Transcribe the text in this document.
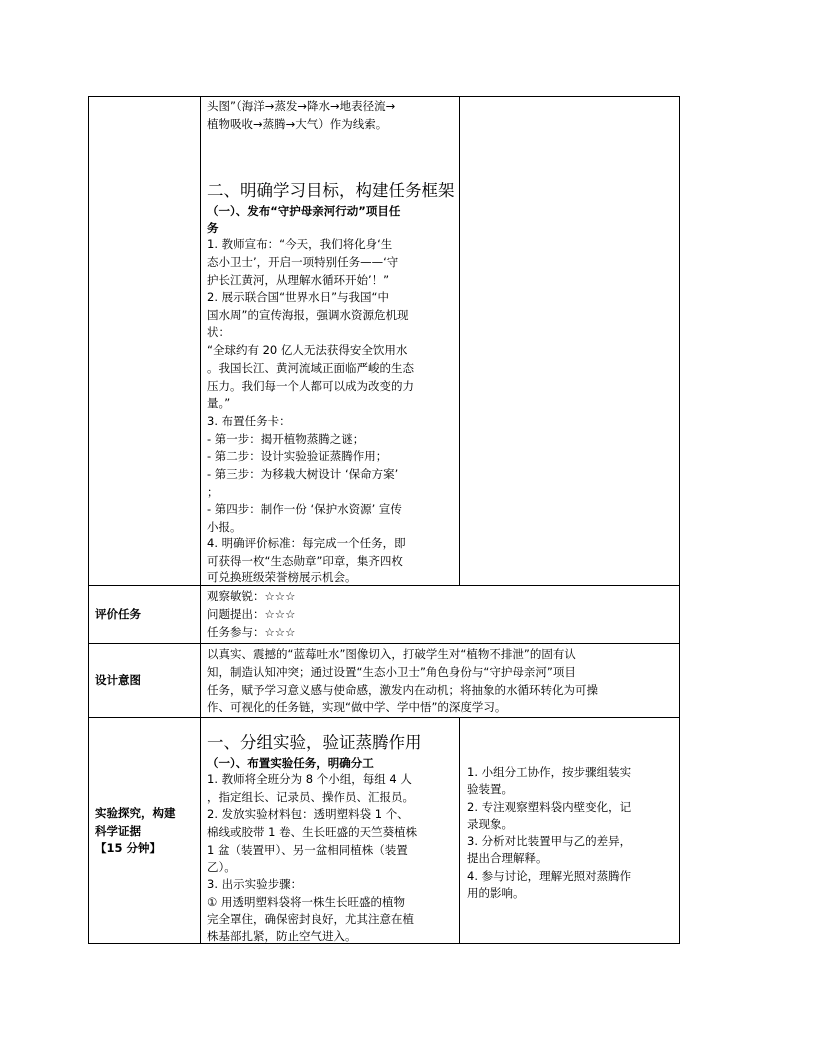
头图”（海洋→蒸发→降水→地表径流→
植物吸收→蒸腾→大气）作为线索。
二、明确学习目标，构建任务框架
（一）、发布“守护母亲河行动”项目任
务
1. 教师宣布：“今天，我们将化身‘生
态小卫士’，开启一项特别任务——‘守
护长江黄河，从理解水循环开始’！”
2. 展示联合国“世界水日”与我国“中
国水周”的宣传海报，强调水资源危机现
状：
“全球约有 20 亿人无法获得安全饮用水
。我国长江、黄河流域正面临严峻的生态
压力。我们每一个人都可以成为改变的力
量。”
3. 布置任务卡：
- 第一步：揭开植物蒸腾之谜；
- 第二步：设计实验验证蒸腾作用；
- 第三步：为移栽大树设计 ‘保命方案’
；
- 第四步：制作一份 ‘保护水资源’ 宣传
小报。
4. 明确评价标准：每完成一个任务，即
可获得一枚“生态勋章”印章，集齐四枚
可兑换班级荣誉榜展示机会。
评价任务
观察敏锐：☆☆☆
问题提出：☆☆☆
任务参与：☆☆☆
设计意图
以真实、震撼的“蓝莓吐水”图像切入，打破学生对“植物不排泄”的固有认
知，制造认知冲突；通过设置“生态小卫士”角色身份与“守护母亲河”项目
任务，赋予学习意义感与使命感，激发内在动机；将抽象的水循环转化为可操
作、可视化的任务链，实现“做中学、学中悟”的深度学习。
实验探究，构建
科学证据
【15 分钟】
一、分组实验，验证蒸腾作用
（一）、布置实验任务，明确分工
1. 教师将全班分为 8 个小组，每组 4 人
，指定组长、记录员、操作员、汇报员。
2. 发放实验材料包：透明塑料袋 1 个、
棉线或胶带 1 卷、生长旺盛的天竺葵植株
1 盆（装置甲）、另一盆相同植株（装置
乙）。
3. 出示实验步骤：
① 用透明塑料袋将一株生长旺盛的植物
完全罩住，确保密封良好，尤其注意在植
株基部扎紧，防止空气进入。
1. 小组分工协作，按步骤组装实
验装置。
2. 专注观察塑料袋内壁变化，记
录现象。
3. 分析对比装置甲与乙的差异，
提出合理解释。
4. 参与讨论，理解光照对蒸腾作
用的影响。
